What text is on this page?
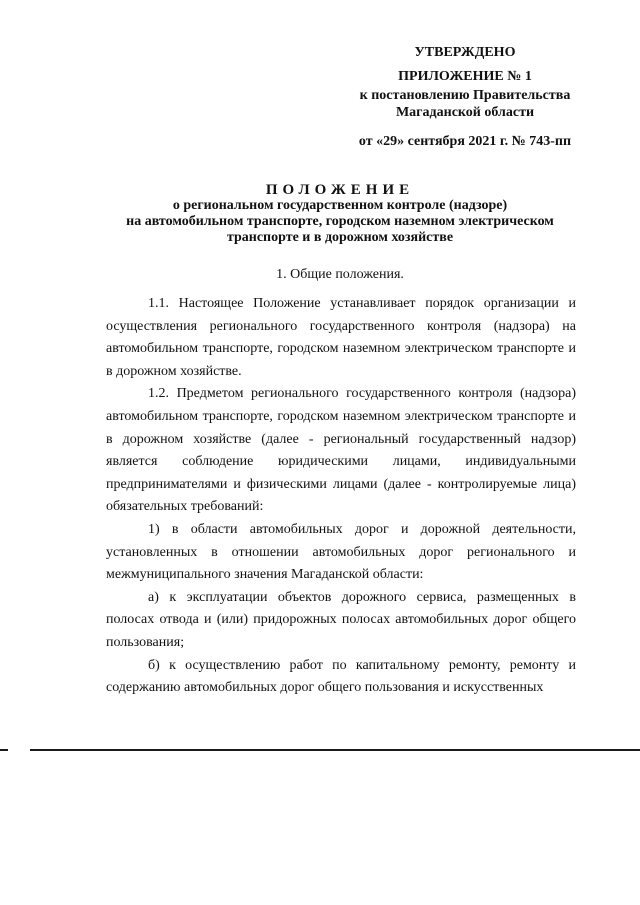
УТВЕРЖДЕНО
ПРИЛОЖЕНИЕ № 1
к постановлению Правительства
Магаданской области
от «29» сентября 2021 г. № 743-пп
ПОЛОЖЕНИЕ
о региональном государственном контроле (надзоре)
на автомобильном транспорте, городском наземном электрическом
транспорте и в дорожном хозяйстве
1. Общие положения.

1.1. Настоящее Положение устанавливает порядок организации и осуществления регионального государственного контроля (надзора) на автомобильном транспорте, городском наземном электрическом транспорте и в дорожном хозяйстве.

1.2. Предметом регионального государственного контроля (надзора) автомобильном транспорте, городском наземном электрическом транспорте и в дорожном хозяйстве (далее - региональный государственный надзор) является соблюдение юридическими лицами, индивидуальными предпринимателями и физическими лицами (далее - контролируемые лица) обязательных требований:

1) в области автомобильных дорог и дорожной деятельности, установленных в отношении автомобильных дорог регионального и межмуниципального значения Магаданской области:

а) к эксплуатации объектов дорожного сервиса, размещенных в полосах отвода и (или) придорожных полосах автомобильных дорог общего пользования;

б) к осуществлению работ по капитальному ремонту, ремонту и содержанию автомобильных дорог общего пользования и искусственных
